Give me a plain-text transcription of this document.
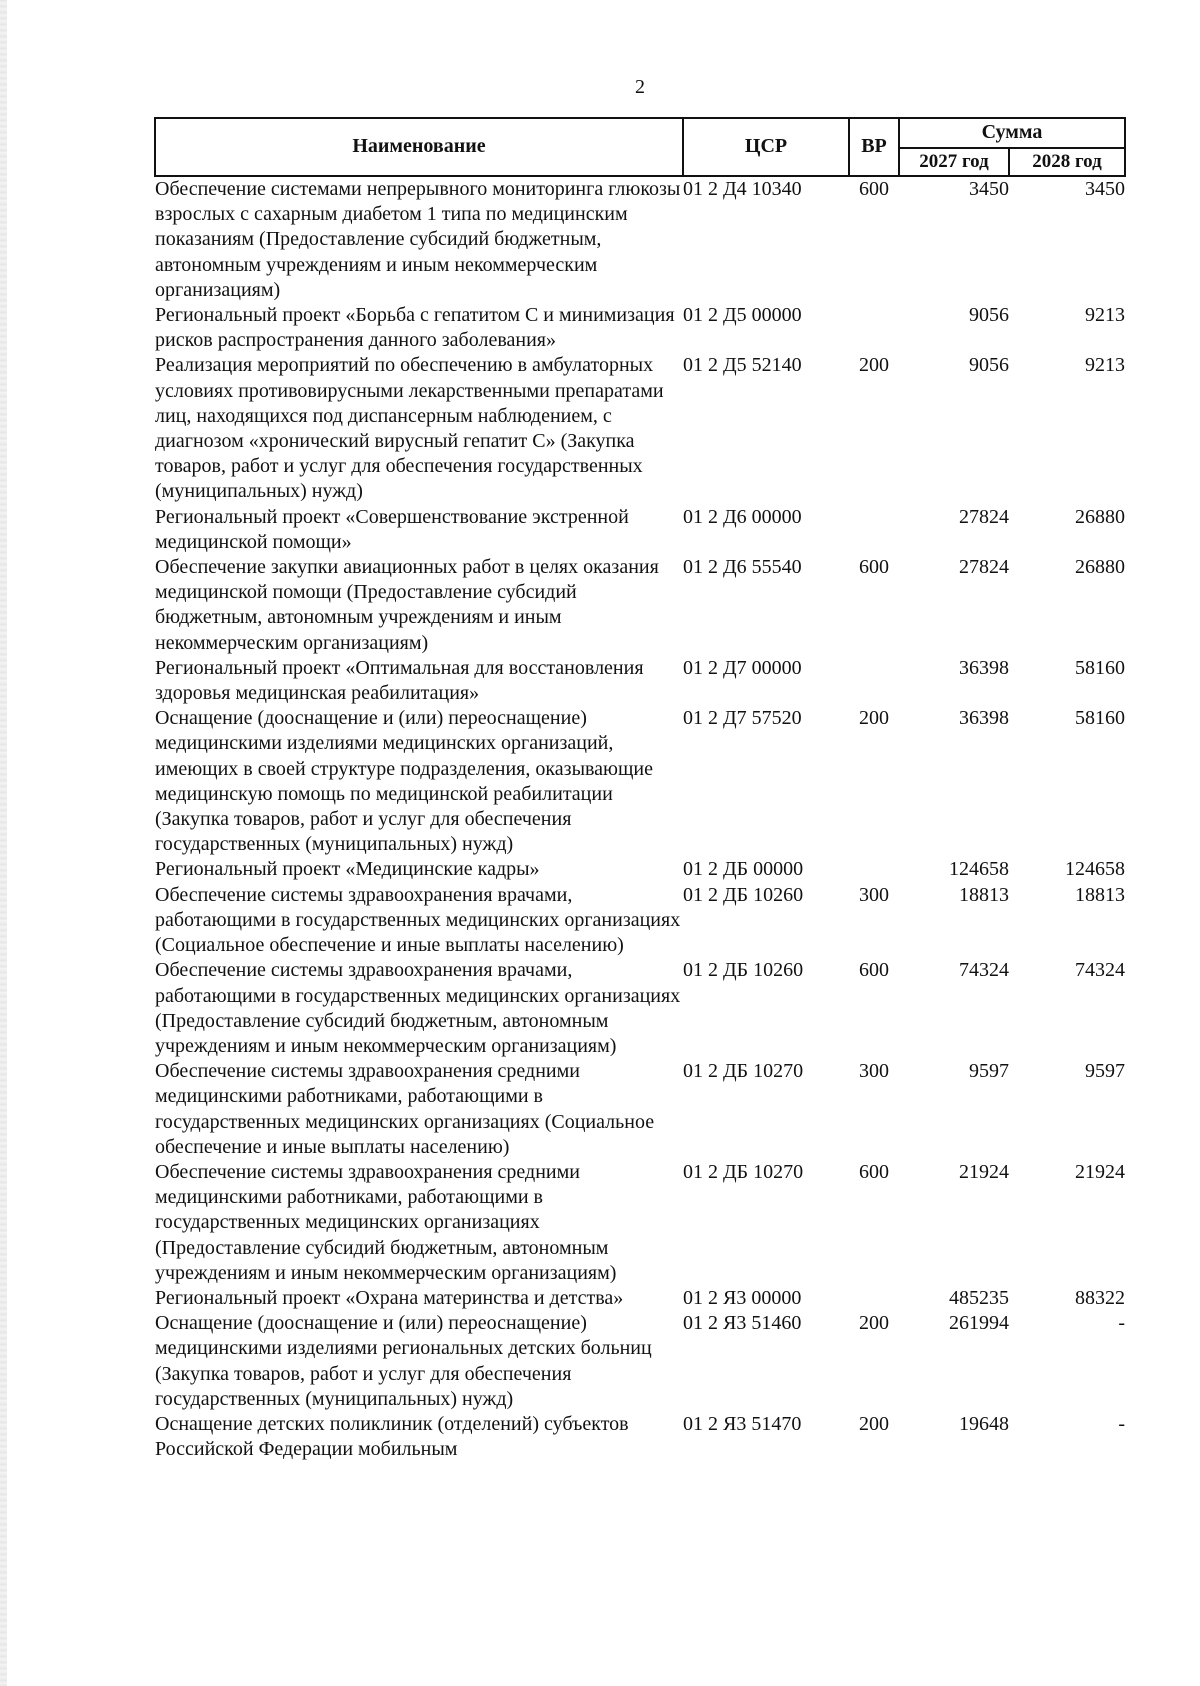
2
Наименование	ЦСР	ВР	Сумма	
			2027 год	2028 год
Обеспечение системами непрерывного мониторинга глюкозы взрослых с сахарным диабетом 1 типа по медицинским показаниям (Предоставление субсидий бюджетным, автономным учреждениям и иным некоммерческим организациям)	01 2 Д4 10340	600	3450	3450
Региональный проект «Борьба с гепатитом С и минимизация рисков распространения данного заболевания»	01 2 Д5 00000		9056	9213
Реализация мероприятий по обеспечению в амбулаторных условиях противовирусными лекарственными препаратами лиц, находящихся под диспансерным наблюдением, с диагнозом «хронический вирусный гепатит С» (Закупка товаров, работ и услуг для обеспечения государственных (муниципальных) нужд)	01 2 Д5 52140	200	9056	9213
Региональный проект «Совершенствование экстренной медицинской помощи»	01 2 Д6 00000		27824	26880
Обеспечение закупки авиационных работ в целях оказания медицинской помощи (Предоставление субсидий бюджетным, автономным учреждениям и иным некоммерческим организациям)	01 2 Д6 55540	600	27824	26880
Региональный проект «Оптимальная для восстановления здоровья медицинская реабилитация»	01 2 Д7 00000		36398	58160
Оснащение (дооснащение и (или) переоснащение) медицинскими изделиями медицинских организаций, имеющих в своей структуре подразделения, оказывающие медицинскую помощь по медицинской реабилитации (Закупка товаров, работ и услуг для обеспечения государственных (муниципальных) нужд)	01 2 Д7 57520	200	36398	58160
Региональный проект «Медицинские кадры»	01 2 ДБ 00000		124658	124658
Обеспечение системы здравоохранения врачами, работающими в государственных медицинских организациях (Социальное обеспечение и иные выплаты населению)	01 2 ДБ 10260	300	18813	18813
Обеспечение системы здравоохранения врачами, работающими в государственных медицинских организациях (Предоставление субсидий бюджетным, автономным учреждениям и иным некоммерческим организациям)	01 2 ДБ 10260	600	74324	74324
Обеспечение системы здравоохранения средними медицинскими работниками, работающими в государственных медицинских организациях (Социальное обеспечение и иные выплаты населению)	01 2 ДБ 10270	300	9597	9597
Обеспечение системы здравоохранения средними медицинскими работниками, работающими в государственных медицинских организациях (Предоставление субсидий бюджетным, автономным учреждениям и иным некоммерческим организациям)	01 2 ДБ 10270	600	21924	21924
Региональный проект «Охрана материнства и детства»	01 2 Я3 00000		485235	88322
Оснащение (дооснащение и (или) переоснащение) медицинскими изделиями региональных детских больниц (Закупка товаров, работ и услуг для обеспечения государственных (муниципальных) нужд)	01 2 Я3 51460	200	261994	-
Оснащение детских поликлиник (отделений) субъектов Российской Федерации мобильным	01 2 Я3 51470	200	19648	-
